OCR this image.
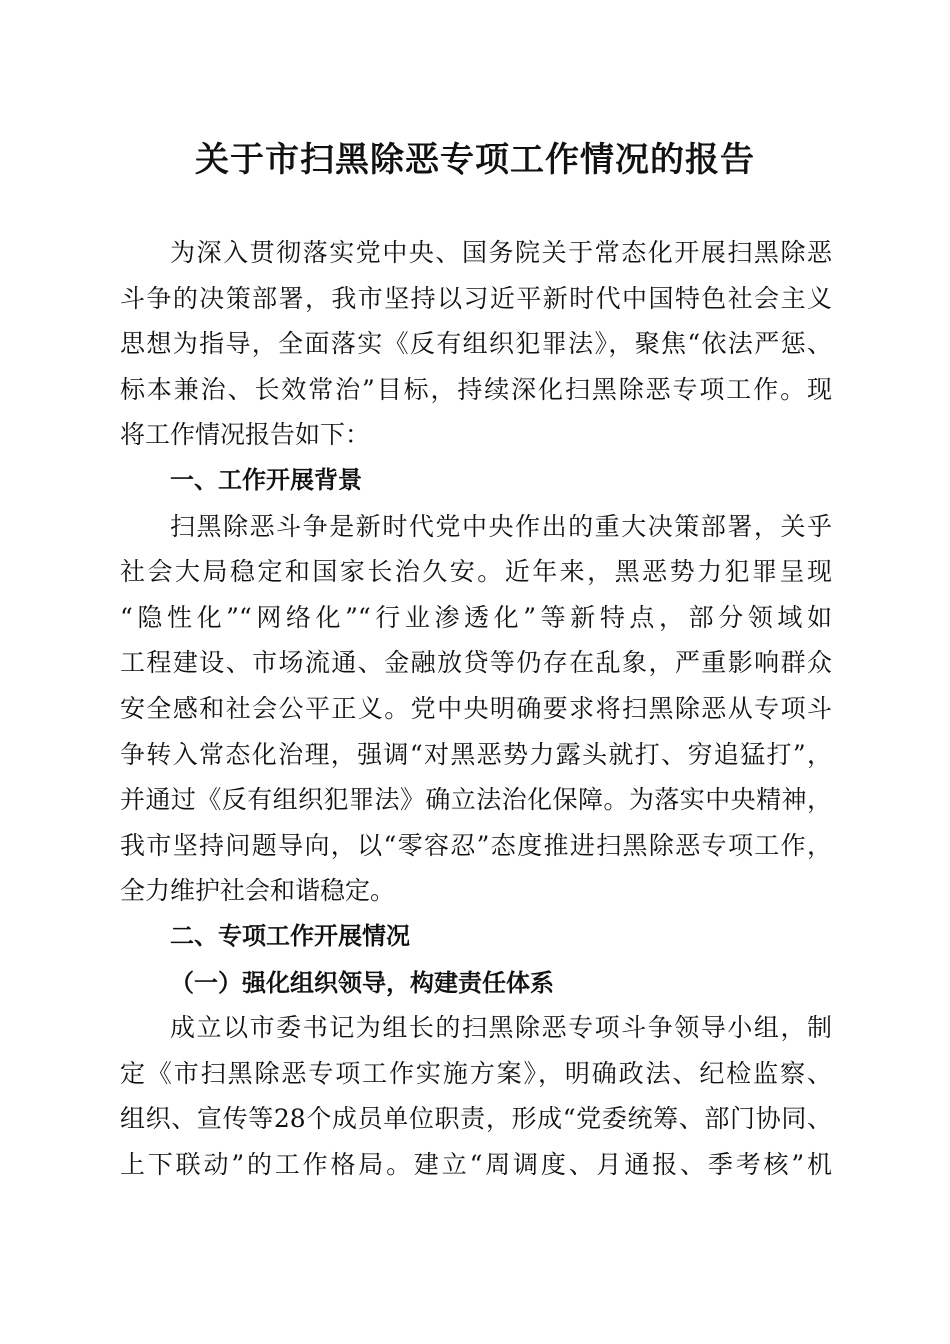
关于市扫黑除恶专项工作情况的报告
为深入贯彻落实党中央、国务院关于常态化开展扫黑除恶
斗争的决策部署，我市坚持以习近平新时代中国特色社会主义
思想为指导，全面落实《反有组织犯罪法》，聚焦“依法严惩、
标本兼治、长效常治”目标，持续深化扫黑除恶专项工作。现
将工作情况报告如下：
一、工作开展背景
扫黑除恶斗争是新时代党中央作出的重大决策部署，关乎
社会大局稳定和国家长治久安。近年来，黑恶势力犯罪呈现
“隐性化”“网络化”“行业渗透化”等新特点，部分领域如
工程建设、市场流通、金融放贷等仍存在乱象，严重影响群众
安全感和社会公平正义。党中央明确要求将扫黑除恶从专项斗
争转入常态化治理，强调“对黑恶势力露头就打、穷追猛打”，
并通过《反有组织犯罪法》确立法治化保障。为落实中央精神，
我市坚持问题导向，以“零容忍”态度推进扫黑除恶专项工作，
全力维护社会和谐稳定。
二、专项工作开展情况
（一）强化组织领导，构建责任体系
成立以市委书记为组长的扫黑除恶专项斗争领导小组，制
定《市扫黑除恶专项工作实施方案》，明确政法、纪检监察、
组织、宣传等28个成员单位职责，形成“党委统筹、部门协同、
上下联动”的工作格局。建立“周调度、月通报、季考核”机
